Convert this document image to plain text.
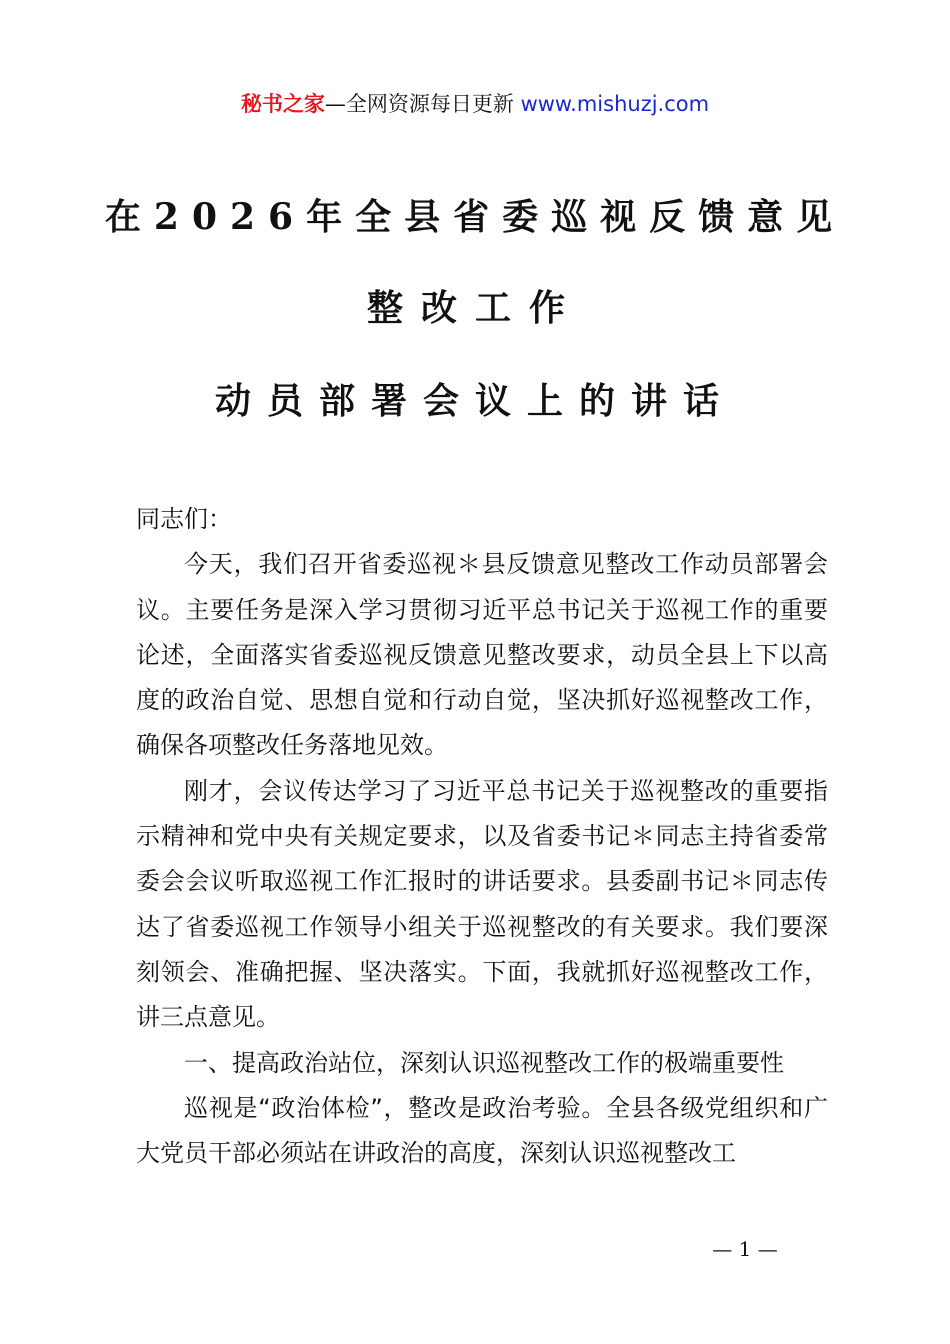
秘书之家—全网资源每日更新 www.mishuzj.com
在2026年全县省委巡视反馈意见
整改工作
动员部署会议上的讲话

同志们：

今天，我们召开省委巡视＊县反馈意见整改工作动员部署会议。主要任务是深入学习贯彻习近平总书记关于巡视工作的重要论述，全面落实省委巡视反馈意见整改要求，动员全县上下以高度的政治自觉、思想自觉和行动自觉，坚决抓好巡视整改工作，确保各项整改任务落地见效。

刚才，会议传达学习了习近平总书记关于巡视整改的重要指示精神和党中央有关规定要求，以及省委书记＊同志主持省委常委会会议听取巡视工作汇报时的讲话要求。县委副书记＊同志传达了省委巡视工作领导小组关于巡视整改的有关要求。我们要深刻领会、准确把握、坚决落实。下面，我就抓好巡视整改工作，讲三点意见。

一、提高政治站位，深刻认识巡视整改工作的极端重要性

巡视是“政治体检”，整改是政治考验。全县各级党组织和广大党员干部必须站在讲政治的高度，深刻认识巡视整改工

— 1 —
